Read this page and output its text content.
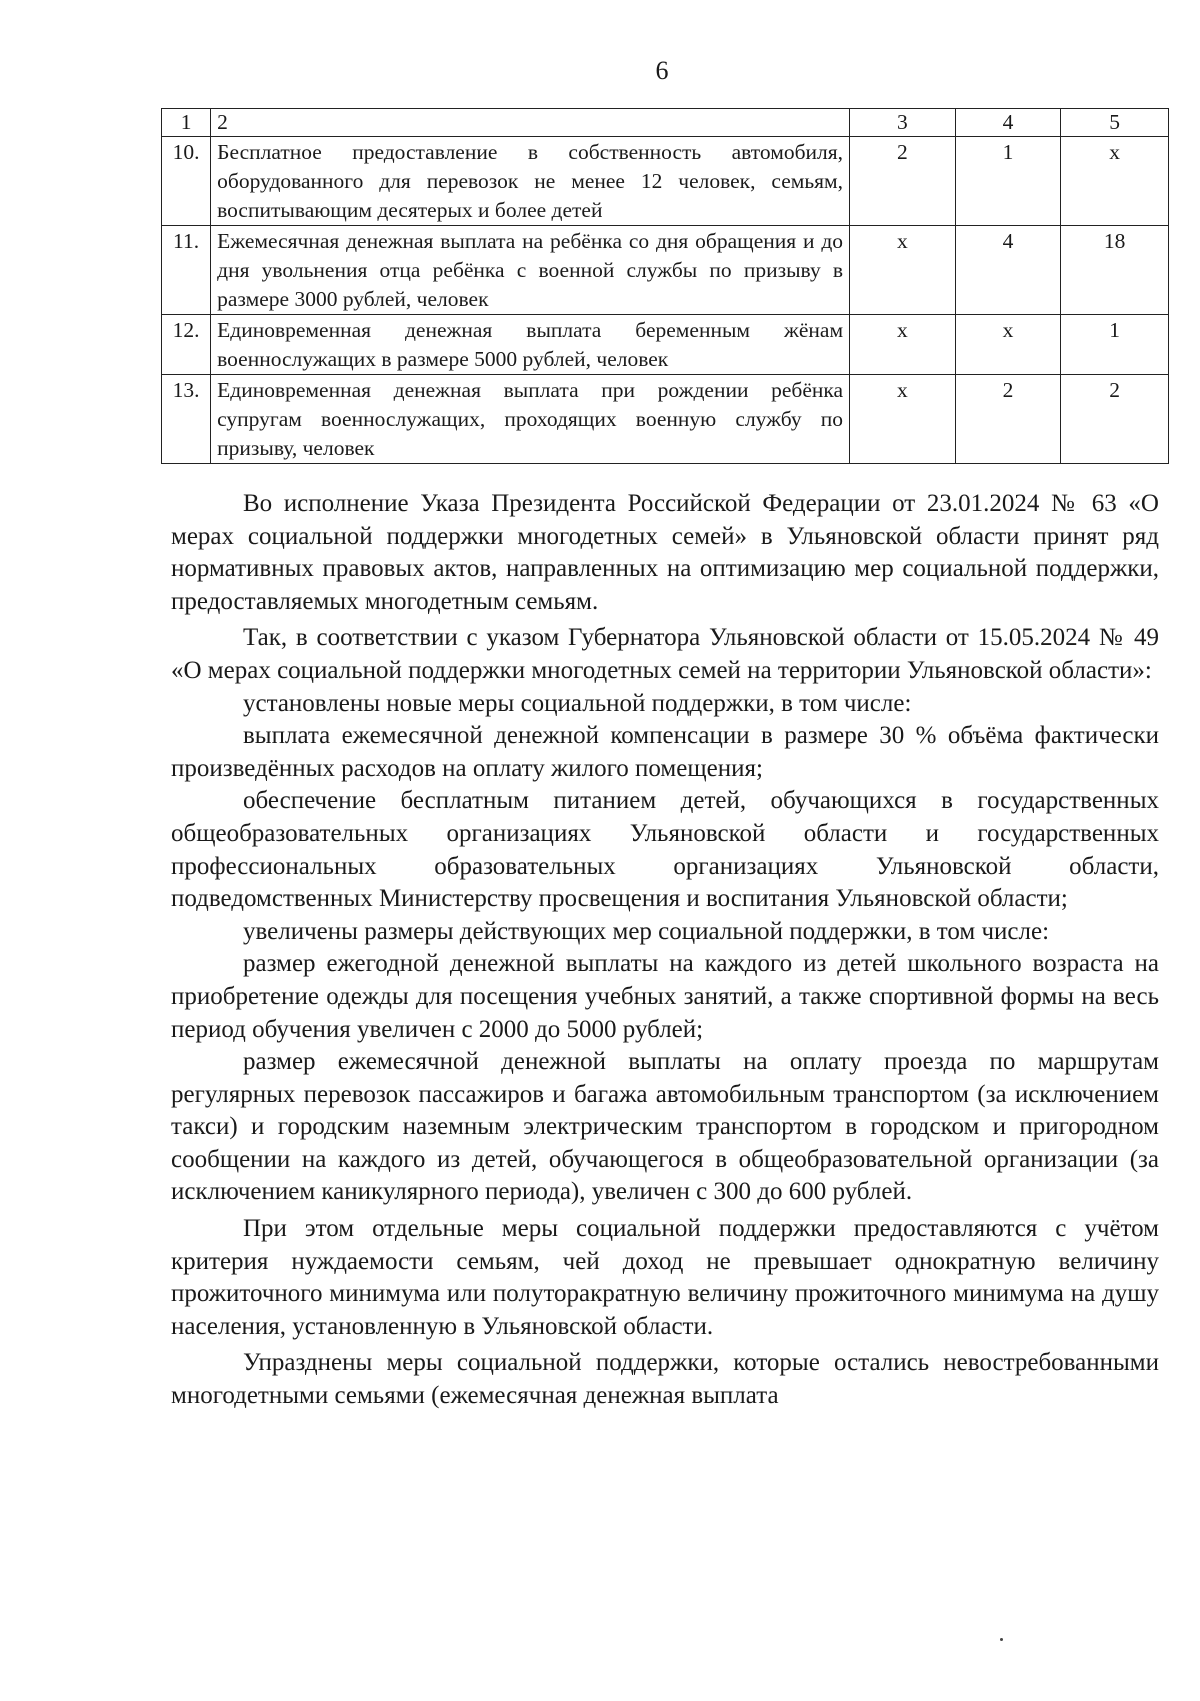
6
1	2	3	4	5
10.	Бесплатное предоставление в собственность автомобиля, оборудованного для перевозок не менее 12 человек, семьям, воспитывающим десятерых и более детей	2	1	х
11.	Ежемесячная денежная выплата на ребёнка со дня обращения и до дня увольнения отца ребёнка с военной службы по призыву в размере 3000 рублей, человек	х	4	18
12.	Единовременная денежная выплата беременным жёнам военнослужащих в размере 5000 рублей, человек	х	х	1
13.	Единовременная денежная выплата при рождении ребёнка супругам военнослужащих, проходящих военную службу по призыву, человек	х	2	2

Во исполнение Указа Президента Российской Федерации от 23.01.2024 № 63 «О мерах социальной поддержки многодетных семей» в Ульяновской области принят ряд нормативных правовых актов, направленных на оптимизацию мер социальной поддержки, предоставляемых многодетным семьям.

Так, в соответствии с указом Губернатора Ульяновской области от 15.05.2024 № 49 «О мерах социальной поддержки многодетных семей на территории Ульяновской области»:

установлены новые меры социальной поддержки, в том числе:

выплата ежемесячной денежной компенсации в размере 30 % объёма фактически произведённых расходов на оплату жилого помещения;

обеспечение бесплатным питанием детей, обучающихся в государственных общеобразовательных организациях Ульяновской области и государственных профессиональных образовательных организациях Ульяновской области, подведомственных Министерству просвещения и воспитания Ульяновской области;

увеличены размеры действующих мер социальной поддержки, в том числе:

размер ежегодной денежной выплаты на каждого из детей школьного возраста на приобретение одежды для посещения учебных занятий, а также спортивной формы на весь период обучения увеличен с 2000 до 5000 рублей;

размер ежемесячной денежной выплаты на оплату проезда по маршрутам регулярных перевозок пассажиров и багажа автомобильным транспортом (за исключением такси) и городским наземным электрическим транспортом в городском и пригородном сообщении на каждого из детей, обучающегося в общеобразовательной организации (за исключением каникулярного периода), увеличен с 300 до 600 рублей.

При этом отдельные меры социальной поддержки предоставляются с учётом критерия нуждаемости семьям, чей доход не превышает однократную величину прожиточного минимума или полуторакратную величину прожиточного минимума на душу населения, установленную в Ульяновской области.

Упразднены меры социальной поддержки, которые остались невостребованными многодетными семьями (ежемесячная денежная выплата
